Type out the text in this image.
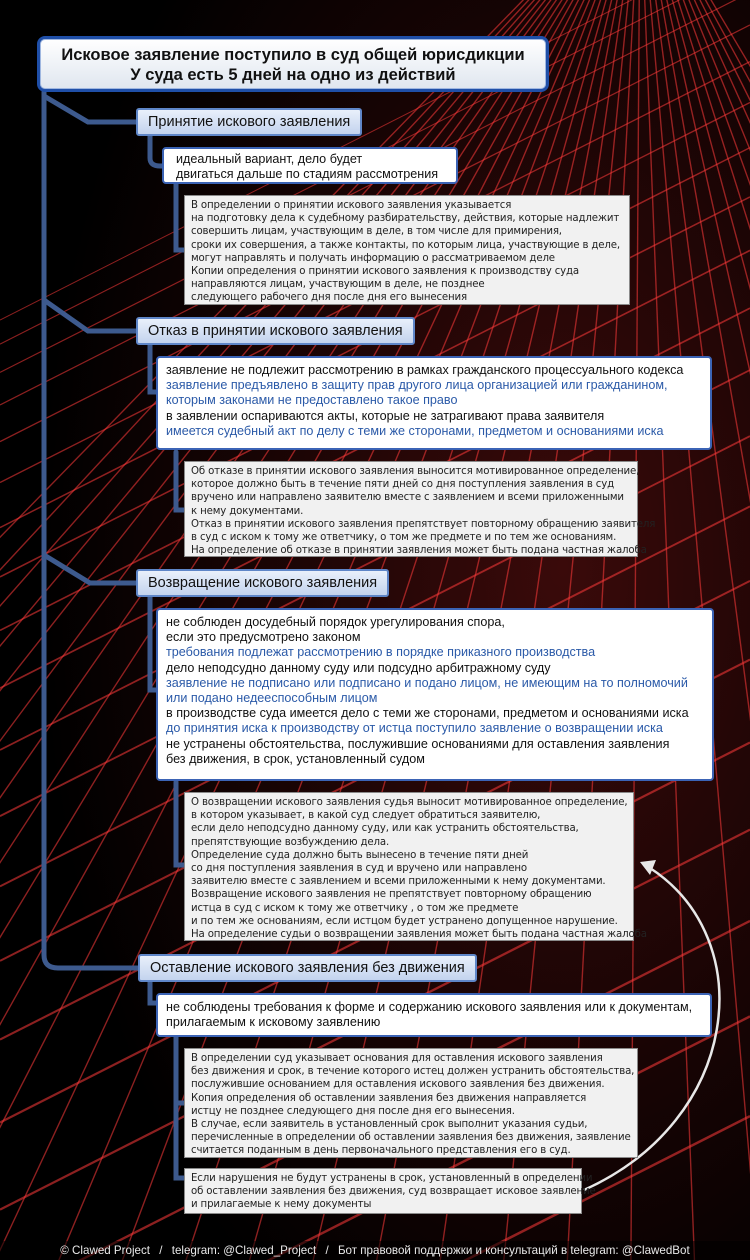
Исковое заявление поступило в суд общей юрисдикции
У суда есть 5 дней на одно из действий
Принятие искового заявления
идеальный вариант, дело будет
двигаться дальше по стадиям рассмотрения
В определении о принятии искового заявления указывается
на подготовку дела к судебному разбирательству, действия, которые надлежит
совершить лицам, участвующим в деле, в том числе для примирения,
сроки их совершения, а также контакты, по которым лица, участвующие в деле,
могут направлять и получать информацию о рассматриваемом деле
Копии определения о принятии искового заявления к производству суда
направляются лицам, участвующим в деле, не позднее
следующего рабочего дня после дня его вынесения
Отказ в принятии искового заявления
заявление не подлежит рассмотрению в рамках гражданского процессуального кодекса
заявление предъявлено в защиту прав другого лица организацией или гражданином,
которым законами не предоставлено такое право
в заявлении оспариваются акты, которые не затрагивают права заявителя
имеется судебный акт по делу с теми же сторонами, предметом и основаниями иска
Об отказе в принятии искового заявления выносится мотивированное определение,
которое должно быть в течение пяти дней со дня поступления заявления в суд
вручено или направлено заявителю вместе с заявлением и всеми приложенными
к нему документами.
Отказ в принятии искового заявления препятствует повторному обращению заявителя
в суд с иском к тому же ответчику, о том же предмете и по тем же основаниям.
На определение об отказе в принятии заявления может быть подана частная жалоба
Возвращение искового заявления
не соблюден досудебный порядок урегулирования спора,
если это предусмотрено законом
требования подлежат рассмотрению в порядке приказного производства
дело неподсудно данному суду или подсудно арбитражному суду
заявление не подписано или подписано и подано лицом, не имеющим на то полномочий
или подано недееспособным лицом
в производстве суда имеется дело с теми же сторонами, предметом и основаниями иска
до принятия иска к производству от истца поступило заявление о возвращении иска
не устранены обстоятельства, послужившие основаниями для оставления заявления
без движения, в срок, установленный судом
О возвращении искового заявления судья выносит мотивированное определение,
в котором указывает, в какой суд следует обратиться заявителю,
если дело неподсудно данному суду, или как устранить обстоятельства,
препятствующие возбуждению дела.
Определение суда должно быть вынесено в течение пяти дней
со дня поступления заявления в суд и вручено или направлено
заявителю вместе с заявлением и всеми приложенными к нему документами.
Возвращение искового заявления не препятствует повторному обращению
истца в суд с иском к тому же ответчику , о том же предмете
и по тем же основаниям, если истцом будет устранено допущенное нарушение.
На определение судьи о возвращении заявления может быть подана частная жалоба
Оставление искового заявления без движения
не соблюдены требования к форме и содержанию искового заявления или к документам,
прилагаемым к исковому заявлению
В определении суд указывает основания для оставления искового заявления
без движения и срок, в течение которого истец должен устранить обстоятельства,
послужившие основанием для оставления искового заявления без движения.
Копия определения об оставлении заявления без движения направляется
истцу не позднее следующего дня после дня его вынесения.
В случае, если заявитель в установленный срок выполнит указания судьи,
перечисленные в определении об оставлении заявления без движения, заявление
считается поданным в день первоначального представления его в суд.
Если нарушения не будут устранены в срок, установленный в определении
об оставлении заявления без движения, суд возвращает исковое заявление
и прилагаемые к нему документы
© Clawed Project / telegram: @Clawed_Project / Бот правовой поддержки и консультаций в telegram: @ClawedBot
